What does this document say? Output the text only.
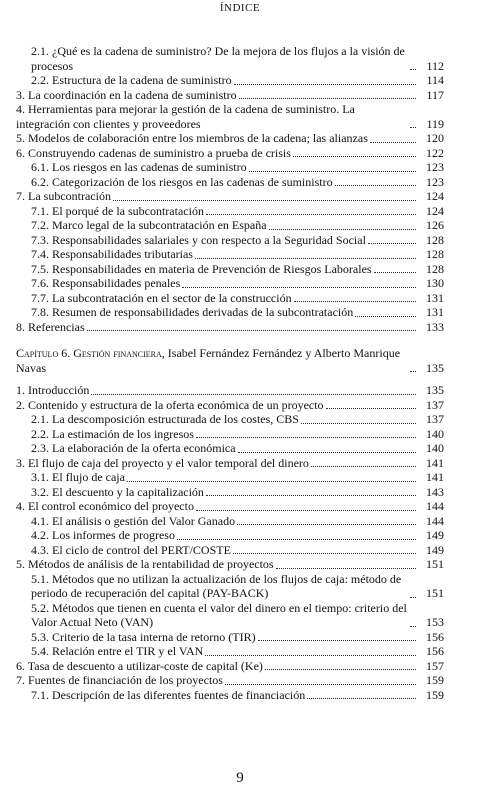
ÍNDICE
2.1. ¿Qué es la cadena de suministro? De la mejora de los flujos a la visión de procesos	112
2.2. Estructura de la cadena de suministro	114
3. La coordinación en la cadena de suministro	117
4. Herramientas para mejorar la gestión de la cadena de suministro. La integración con clientes y proveedores	119
5. Modelos de colaboración entre los miembros de la cadena; las alianzas	120
6. Construyendo cadenas de suministro a prueba de crisis	122
6.1. Los riesgos en las cadenas de suministro	123
6.2. Categorización de los riesgos en las cadenas de suministro	123
7. La subcontración	124
7.1. El porqué de la subcontratación	124
7.2. Marco legal de la subcontratación en España	126
7.3. Responsabilidades salariales y con respecto a la Seguridad Social	128
7.4. Responsabilidades tributarias	128
7.5. Responsabilidades en materia de Prevención de Riesgos Laborales	128
7.6. Responsabilidades penales	130
7.7. La subcontratación en el sector de la construcción	131
7.8. Resumen de responsabilidades derivadas de la subcontratación	131
8. Referencias	133
Capítulo 6. Gestión financiera, Isabel Fernández Fernández y Alberto Manrique Navas	135
1. Introducción	135
2. Contenido y estructura de la oferta económica de un proyecto	137
2.1. La descomposición estructurada de los costes, CBS	137
2.2. La estimación de los ingresos	140
2.3. La elaboración de la oferta económica	140
3. El flujo de caja del proyecto y el valor temporal del dinero	141
3.1. El flujo de caja	141
3.2. El descuento y la capitalización	143
4. El control económico del proyecto	144
4.1. El análisis o gestión del Valor Ganado	144
4.2. Los informes de progreso	149
4.3. El ciclo de control del PERT/COSTE	149
5. Métodos de análisis de la rentabilidad de proyectos	151
5.1. Métodos que no utilizan la actualización de los flujos de caja: método de periodo de recuperación del capital (PAY-BACK)	151
5.2. Métodos que tienen en cuenta el valor del dinero en el tiempo: criterio del Valor Actual Neto (VAN)	153
5.3. Criterio de la tasa interna de retorno (TIR)	156
5.4. Relación entre el TIR y el VAN	156
6. Tasa de descuento a utilizar-coste de capital (Ke)	157
7. Fuentes de financiación de los proyectos	159
7.1. Descripción de las diferentes fuentes de financiación	159
9
